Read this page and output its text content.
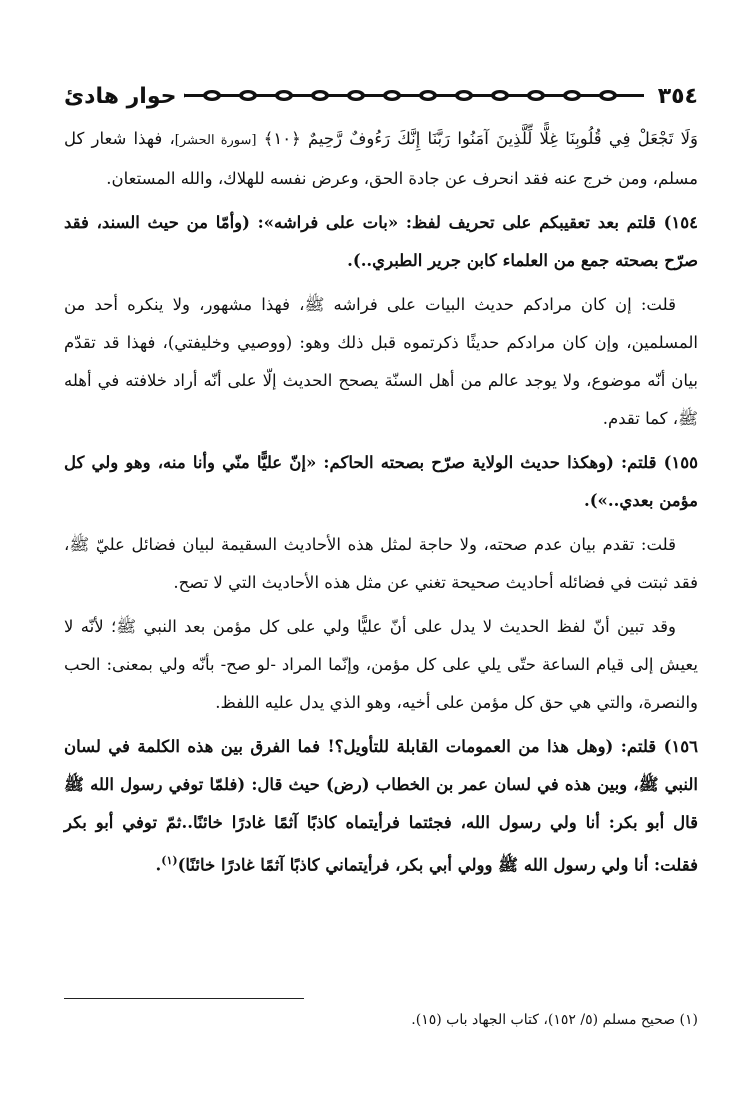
٣٥٤
حوار هادئ

وَلَا تَجْعَلْ فِي قُلُوبِنَا غِلًّا لِّلَّذِينَ آمَنُوا رَبَّنَا إِنَّكَ رَءُوفٌ رَّحِيمٌ ﴿١٠﴾ [سورة الحشر]، فهذا شعار كل مسلم، ومن خرج عنه فقد انحرف عن جادة الحق، وعرض نفسه للهلاك، والله المستعان.

١٥٤) قلتم بعد تعقيبكم على تحريف لفظ: «بات على فراشه»: (وأمّا من حيث السند، فقد صرّح بصحته جمع من العلماء كابن جرير الطبري..).

قلت: إن كان مرادكم حديث البيات على فراشه ﷺ، فهذا مشهور، ولا ينكره أحد من المسلمين، وإن كان مرادكم حديثًا ذكرتموه قبل ذلك وهو: (ووصيي وخليفتي)، فهذا قد تقدّم بيان أنّه موضوع، ولا يوجد عالم من أهل السنّة يصحح الحديث إلّا على أنّه أراد خلافته في أهله ﷺ، كما تقدم.

١٥٥) قلتم: (وهكذا حديث الولاية صرّح بصحته الحاكم: «إنّ عليًّا منّي وأنا منه، وهو ولي كل مؤمن بعدي..»).

قلت: تقدم بيان عدم صحته، ولا حاجة لمثل هذه الأحاديث السقيمة لبيان فضائل عليّ ﷺ، فقد ثبتت في فضائله أحاديث صحيحة تغني عن مثل هذه الأحاديث التي لا تصح.

وقد تبين أنّ لفظ الحديث لا يدل على أنّ عليًّا ولي على كل مؤمن بعد النبي ﷺ؛ لأنّه لا يعيش إلى قيام الساعة حتّى يلي على كل مؤمن، وإنّما المراد -لو صح- بأنّه ولي بمعنى: الحب والنصرة، والتي هي حق كل مؤمن على أخيه، وهو الذي يدل عليه اللفظ.

١٥٦) قلتم: (وهل هذا من العمومات القابلة للتأويل؟! فما الفرق بين هذه الكلمة في لسان النبي ﷺ، وبين هذه في لسان عمر بن الخطاب (رض) حيث قال: (فلمّا توفي رسول الله ﷺ قال أبو بكر: أنا ولي رسول الله، فجئتما فرأيتماه كاذبًا آثمًا غادرًا خائنًا..ثمّ توفي أبو بكر فقلت: أنا ولي رسول الله ﷺ وولي أبي بكر، فرأيتماني كاذبًا آثمًا غادرًا خائنًا)$^{(١)}$.

(١) صحيح مسلم (٥/ ١٥٢)، كتاب الجهاد باب (١٥).
